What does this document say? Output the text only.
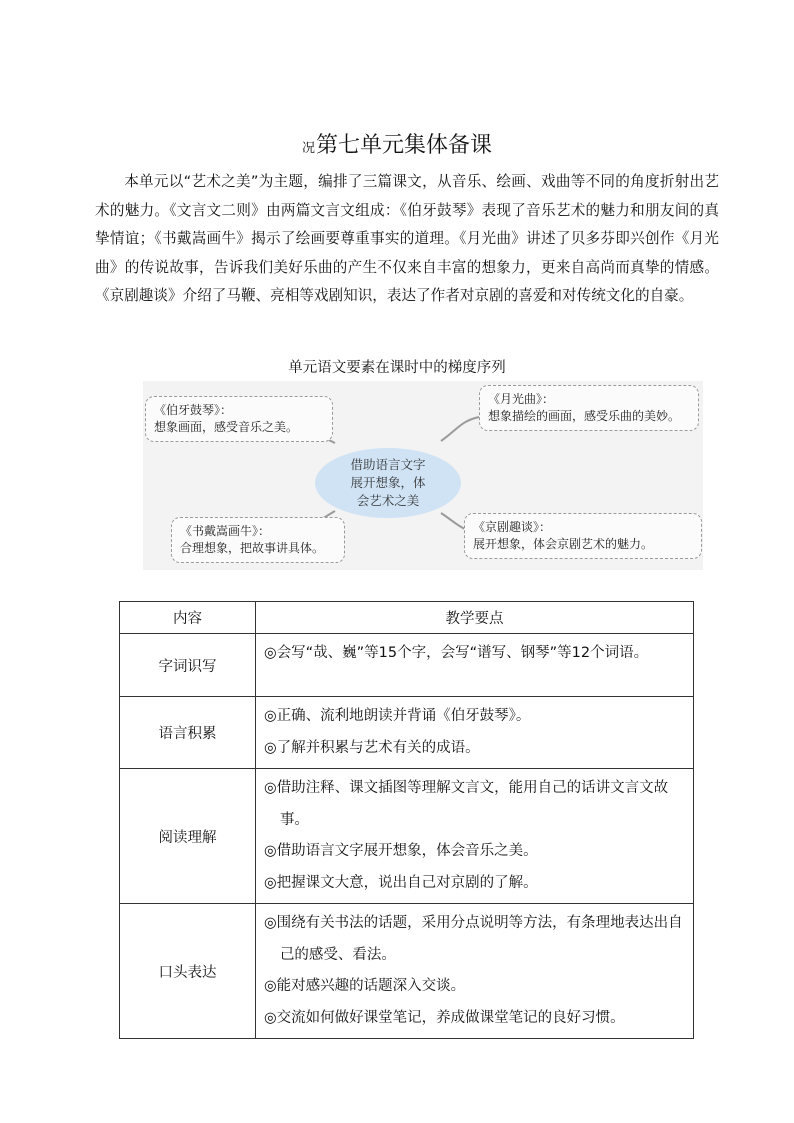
况第七单元集体备课
本单元以“艺术之美”为主题，编排了三篇课文，从音乐、绘画、戏曲等不同的角度折射出艺术的魅力。《文言文二则》由两篇文言文组成：《伯牙鼓琴》表现了音乐艺术的魅力和朋友间的真挚情谊；《书戴嵩画牛》揭示了绘画要尊重事实的道理。《月光曲》讲述了贝多芬即兴创作《月光曲》的传说故事，告诉我们美好乐曲的产生不仅来自丰富的想象力，更来自高尚而真挚的情感。《京剧趣谈》介绍了马鞭、亮相等戏剧知识，表达了作者对京剧的喜爱和对传统文化的自豪。
单元语文要素在课时中的梯度序列
借助语言文字
展开想象，体
会艺术之美
《伯牙鼓琴》：
想象画面，感受音乐之美。
《月光曲》：
想象描绘的画面，感受乐曲的美妙。
《书戴嵩画牛》：
合理想象，把故事讲具体。
《京剧趣谈》：
展开想象，体会京剧艺术的魅力。
内容	教学要点
字词识写	◎会写“哉、巍”等15个字，会写“谱写、钢琴”等12个词语。

语言积累	◎正确、流利地朗读并背诵《伯牙鼓琴》。
◎了解并积累与艺术有关的成语。

阅读理解	◎借助注释、课文插图等理解文言文，能用自己的话讲文言文故事。
◎借助语言文字展开想象，体会音乐之美。
◎把握课文大意，说出自己对京剧的了解。

口头表达	◎围绕有关书法的话题，采用分点说明等方法，有条理地表达出自己的感受、看法。
◎能对感兴趣的话题深入交谈。
◎交流如何做好课堂笔记，养成做课堂笔记的良好习惯。
